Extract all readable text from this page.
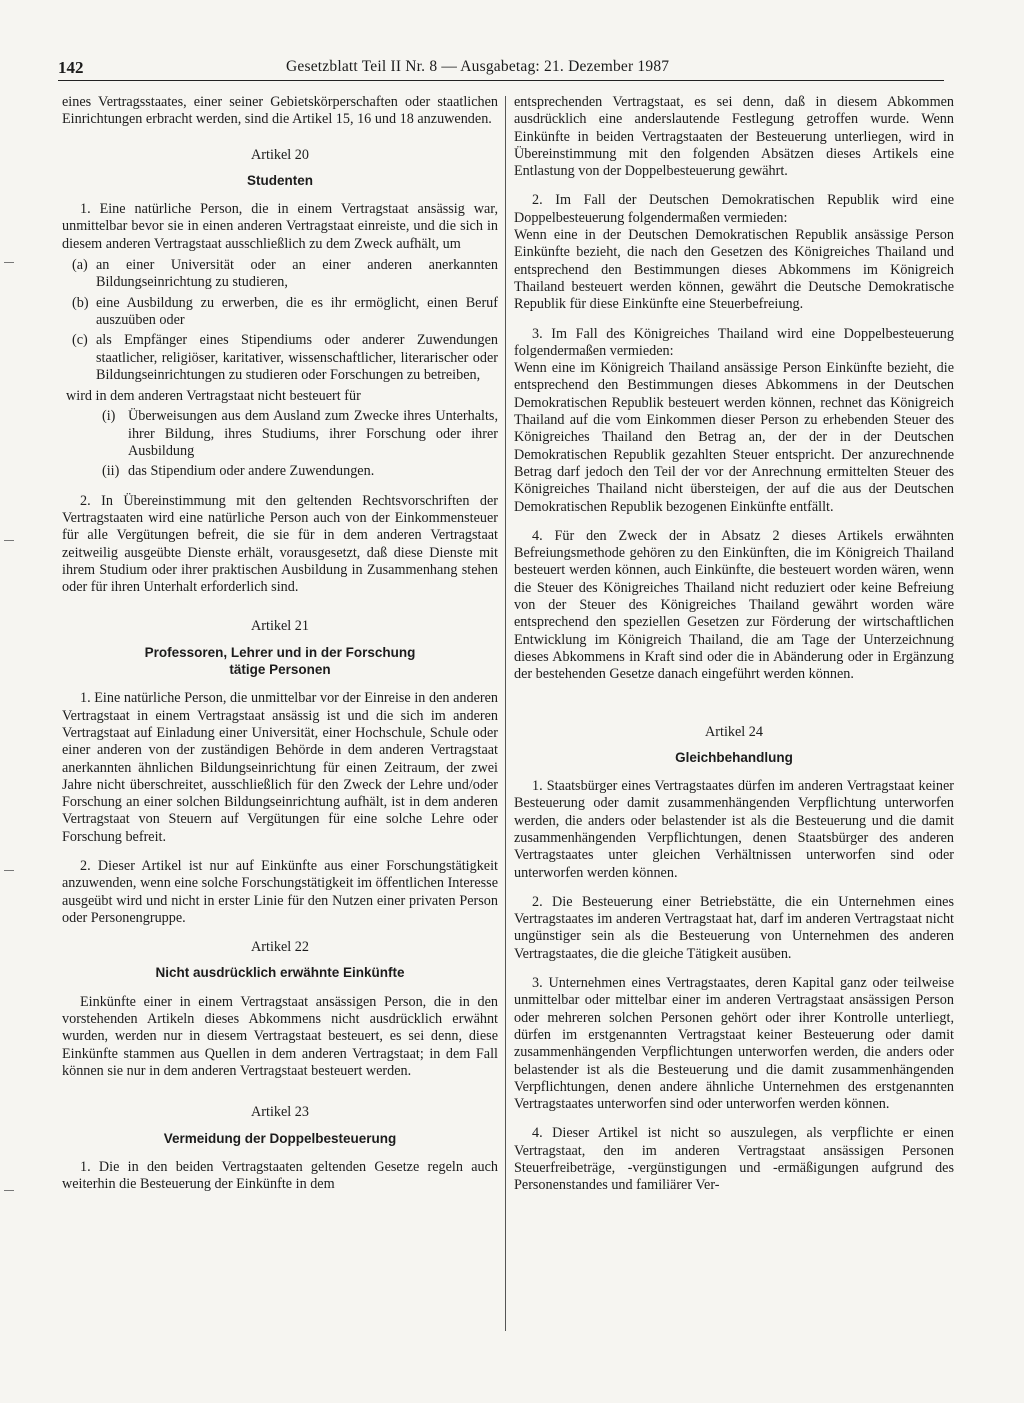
142	Gesetzblatt Teil II Nr. 8 — Ausgabetag: 21. Dezember 1987

eines Vertragsstaates, einer seiner Gebietskörperschaften oder staatlichen Einrichtungen erbracht werden, sind die Artikel 15, 16 und 18 anzuwenden.

Artikel 20
Studenten

1. Eine natürliche Person, die in einem Vertragstaat ansässig war, unmittelbar bevor sie in einen anderen Vertragstaat einreiste, und die sich in diesem anderen Vertragstaat ausschließlich zu dem Zweck aufhält, um

(a) an einer Universität oder an einer anderen anerkannten Bildungseinrichtung zu studieren,
(b) eine Ausbildung zu erwerben, die es ihr ermöglicht, einen Beruf auszuüben oder
(c) als Empfänger eines Stipendiums oder anderer Zuwendungen staatlicher, religiöser, karitativer, wissenschaftlicher, literarischer oder Bildungseinrichtungen zu studieren oder Forschungen zu betreiben,

wird in dem anderen Vertragstaat nicht besteuert für

(i) Überweisungen aus dem Ausland zum Zwecke ihres Unterhalts, ihrer Bildung, ihres Studiums, ihrer Forschung oder ihrer Ausbildung
(ii) das Stipendium oder andere Zuwendungen.

2. In Übereinstimmung mit den geltenden Rechtsvorschriften der Vertragstaaten wird eine natürliche Person auch von der Einkommensteuer für alle Vergütungen befreit, die sie für in dem anderen Vertragstaat zeitweilig ausgeübte Dienste erhält, vorausgesetzt, daß diese Dienste mit ihrem Studium oder ihrer praktischen Ausbildung in Zusammenhang stehen oder für ihren Unterhalt erforderlich sind.

Artikel 21
Professoren, Lehrer und in der Forschung
tätige Personen

1. Eine natürliche Person, die unmittelbar vor der Einreise in den anderen Vertragstaat in einem Vertragstaat ansässig ist und die sich im anderen Vertragstaat auf Einladung einer Universität, einer Hochschule, Schule oder einer anderen von der zuständigen Behörde in dem anderen Vertragstaat anerkannten ähnlichen Bildungseinrichtung für einen Zeitraum, der zwei Jahre nicht überschreitet, ausschließlich für den Zweck der Lehre und/oder Forschung an einer solchen Bildungseinrichtung aufhält, ist in dem anderen Vertragstaat von Steuern auf Vergütungen für eine solche Lehre oder Forschung befreit.

2. Dieser Artikel ist nur auf Einkünfte aus einer Forschungstätigkeit anzuwenden, wenn eine solche Forschungstätigkeit im öffentlichen Interesse ausgeübt wird und nicht in erster Linie für den Nutzen einer privaten Person oder Personengruppe.

Artikel 22
Nicht ausdrücklich erwähnte Einkünfte

Einkünfte einer in einem Vertragstaat ansässigen Person, die in den vorstehenden Artikeln dieses Abkommens nicht ausdrücklich erwähnt wurden, werden nur in diesem Vertragstaat besteuert, es sei denn, diese Einkünfte stammen aus Quellen in dem anderen Vertragstaat; in dem Fall können sie nur in dem anderen Vertragstaat besteuert werden.

Artikel 23
Vermeidung der Doppelbesteuerung

1. Die in den beiden Vertragstaaten geltenden Gesetze regeln auch weiterhin die Besteuerung der Einkünfte in dem

entsprechenden Vertragstaat, es sei denn, daß in diesem Abkommen ausdrücklich eine anderslautende Festlegung getroffen wurde. Wenn Einkünfte in beiden Vertragstaaten der Besteuerung unterliegen, wird in Übereinstimmung mit den folgenden Absätzen dieses Artikels eine Entlastung von der Doppelbesteuerung gewährt.

2. Im Fall der Deutschen Demokratischen Republik wird eine Doppelbesteuerung folgendermaßen vermieden:

Wenn eine in der Deutschen Demokratischen Republik ansässige Person Einkünfte bezieht, die nach den Gesetzen des Königreiches Thailand und entsprechend den Bestimmungen dieses Abkommens im Königreich Thailand besteuert werden können, gewährt die Deutsche Demokratische Republik für diese Einkünfte eine Steuerbefreiung.

3. Im Fall des Königreiches Thailand wird eine Doppelbesteuerung folgendermaßen vermieden:

Wenn eine im Königreich Thailand ansässige Person Einkünfte bezieht, die entsprechend den Bestimmungen dieses Abkommens in der Deutschen Demokratischen Republik besteuert werden können, rechnet das Königreich Thailand auf die vom Einkommen dieser Person zu erhebenden Steuer des Königreiches Thailand den Betrag an, der der in der Deutschen Demokratischen Republik gezahlten Steuer entspricht. Der anzurechnende Betrag darf jedoch den Teil der vor der Anrechnung ermittelten Steuer des Königreiches Thailand nicht übersteigen, der auf die aus der Deutschen Demokratischen Republik bezogenen Einkünfte entfällt.

4. Für den Zweck der in Absatz 2 dieses Artikels erwähnten Befreiungsmethode gehören zu den Einkünften, die im Königreich Thailand besteuert werden können, auch Einkünfte, die besteuert worden wären, wenn die Steuer des Königreiches Thailand nicht reduziert oder keine Befreiung von der Steuer des Königreiches Thailand gewährt worden wäre entsprechend den speziellen Gesetzen zur Förderung der wirtschaftlichen Entwicklung im Königreich Thailand, die am Tage der Unterzeichnung dieses Abkommens in Kraft sind oder die in Abänderung oder in Ergänzung der bestehenden Gesetze danach eingeführt werden können.

Artikel 24
Gleichbehandlung

1. Staatsbürger eines Vertragstaates dürfen im anderen Vertragstaat keiner Besteuerung oder damit zusammenhängenden Verpflichtung unterworfen werden, die anders oder belastender ist als die Besteuerung und die damit zusammenhängenden Verpflichtungen, denen Staatsbürger des anderen Vertragstaates unter gleichen Verhältnissen unterworfen sind oder unterworfen werden können.

2. Die Besteuerung einer Betriebstätte, die ein Unternehmen eines Vertragstaates im anderen Vertragstaat hat, darf im anderen Vertragstaat nicht ungünstiger sein als die Besteuerung von Unternehmen des anderen Vertragstaates, die die gleiche Tätigkeit ausüben.

3. Unternehmen eines Vertragstaates, deren Kapital ganz oder teilweise unmittelbar oder mittelbar einer im anderen Vertragstaat ansässigen Person oder mehreren solchen Personen gehört oder ihrer Kontrolle unterliegt, dürfen im erstgenannten Vertragstaat keiner Besteuerung oder damit zusammenhängenden Verpflichtungen unterworfen werden, die anders oder belastender ist als die Besteuerung und die damit zusammenhängenden Verpflichtungen, denen andere ähnliche Unternehmen des erstgenannten Vertragstaates unterworfen sind oder unterworfen werden können.

4. Dieser Artikel ist nicht so auszulegen, als verpflichte er einen Vertragstaat, den im anderen Vertragstaat ansässigen Personen Steuerfreibeträge, -vergünstigungen und -ermäßigungen aufgrund des Personenstandes und familiärer Ver-
